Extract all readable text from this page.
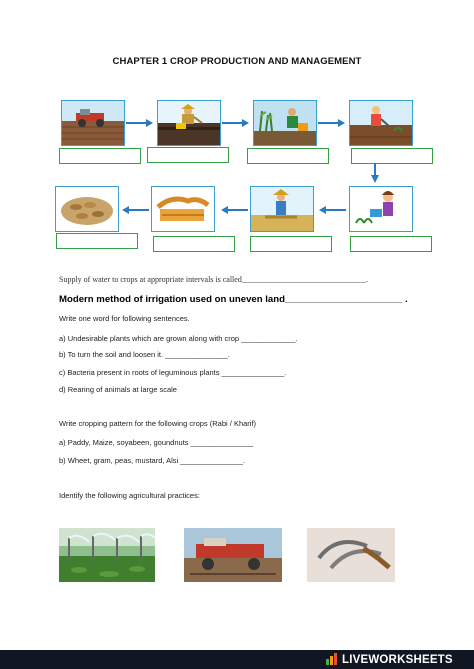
CHAPTER 1 CROP PRODUCTION AND MANAGEMENT
Supply of water to crops at appropriate intervals is called_______________________________.
Modern method of irrigation used on uneven land______________________ .
Write one word for following sentences.
a) Undesirable plants which are grown along with crop _____________.
b) To turn the soil and loosen it. _______________.
c) Bacteria present in roots of leguminous plants _______________.
d) Rearing of animals at large scale
Write cropping pattern for the following crops (Rabi / Kharif)
a) Paddy, Maize, soyabeen, goundnuts _______________
b) Wheet, gram, peas, mustard, Alsi _______________.
Identify the following agricultural practices:
LIVEWORKSHEETS
